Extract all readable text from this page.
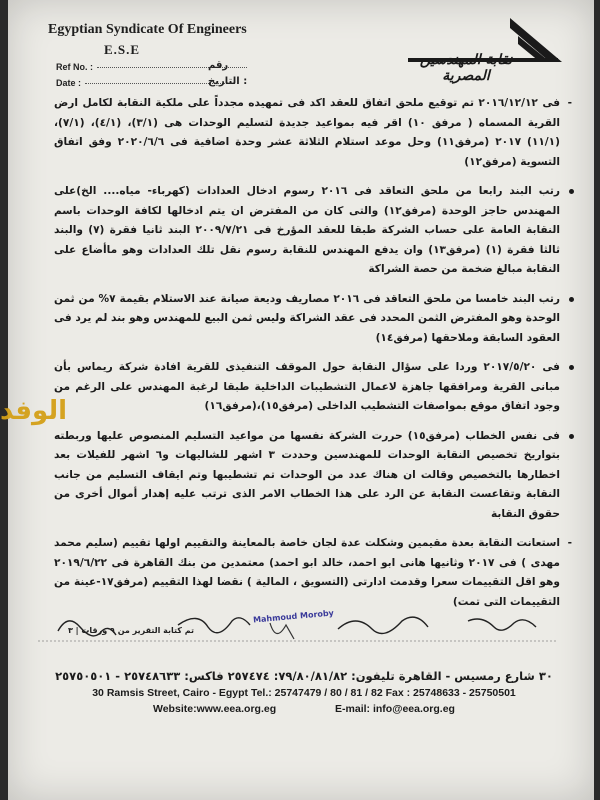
Egyptian Syndicate Of Engineers
E.S.E
Ref No. :	رقم
Date :	التاريخ :
نقابة المهندسين المصرية
- فى ٢٠١٦/١٢/١٢ تم توقيع ملحق اتفاق للعقد اكد فى تمهيده مجدداً على ملكية النقابة لكامل ارض القرية المسماه ( مرفق ١٠) اقر فيه بمواعيد جديدة لتسليم الوحدات هى (٣/١)، (٤/١)، (٧/١)، (١١/١) ٢٠١٧ (مرفق١١) وحل موعد استلام الثلاثة عشر وحدة اضافية فى ٢٠٢٠/٦/٦ وفق اتفاق التسوية (مرفق١٢)
رتب البند رابعا من ملحق التعاقد فى ٢٠١٦ رسوم ادخال العدادات (كهرباء- مياه.... الخ)على المهندس حاجز الوحدة (مرفق١٢) والتى كان من المفترض ان يتم ادخالها لكافة الوحدات باسم النقابة العامة على حساب الشركة طبقا للعقد المؤرخ فى ٢٠٠٩/٧/٢١ البند ثانيا فقرة (٧) والبند ثالثا فقرة (١) (مرفق١٣) وان يدفع المهندس للنقابة رسوم نقل تلك العدادات وهو ماأضاع على النقابة مبالغ ضخمة من حصة الشراكة
رتب البند خامسا من ملحق التعاقد فى ٢٠١٦ مصاريف وديعة صيانة عند الاستلام بقيمة ٧% من ثمن الوحدة وهو المفترض الثمن المحدد فى عقد الشراكة وليس ثمن البيع للمهندس وهو بند لم يرد فى العقود السابقة وملاحقها (مرفق١٤)
فى ٢٠١٧/٥/٢٠ وردا على سؤال النقابة حول الموقف التنفيذى للقرية افادة شركة ريماس بأن مبانى القرية ومرافقها جاهزة لاعمال التشطيبات الداخلية طبقا لرغبة المهندس على الرغم من وجود اتفاق موقع بمواصفات التشطيب الداخلى (مرفق١٥)،(مرفق١٦)
فى نفس الخطاب (مرفق١٥) حررت الشركة نفسها من مواعيد التسليم المنصوص عليها وربطته بتواريخ تخصيص النقابة الوحدات للمهندسين وحددت ٣ اشهر للشاليهات و٦ اشهر للفيلات بعد اخطارها بالتخصيص وقالت ان هناك عدد من الوحدات تم تشطيبها وتم ايقاف التسليم من جانب النقابة وتقاعست النقابة عن الرد على هذا الخطاب الامر الذى ترتب عليه إهدار أموال أخرى من حقوق النقابة
- استعانت النقابة بعدة مقيمين وشكلت عدة لجان خاصة بالمعاينة والتقييم اولها تقييم (سليم محمد مهدى ) فى ٢٠١٧ وثانيها هانى ابو احمد، خالد ابو احمد) معتمدين من بنك القاهرة فى ٢٠١٩/٦/٢٢ وهو اقل التقييمات سعرا وقدمت ادارتى (التسويق ، المالية ) نقضا لهذا التقييم (مرفق١٧-عينة من التقييمات التى تمت)
تم كتابة التقرير من ٩ ورقات | ٣
Mahmoud Moroby
٣٠ شارع رمسيس - القاهرة تليفون: ٧٩/٨٠/٨١/٨٢: ٢٥٧٤٧٤ فاكس: ٢٥٧٤٨٦٣٣ - ٢٥٧٥٠٥٠١
30 Ramsis Street, Cairo - Egypt Tel.: 25747479 / 80 / 81 / 82 Fax : 25748633 - 25750501
Website:www.eea.org.eg	E-mail: info@eea.org.eg
الوفد
